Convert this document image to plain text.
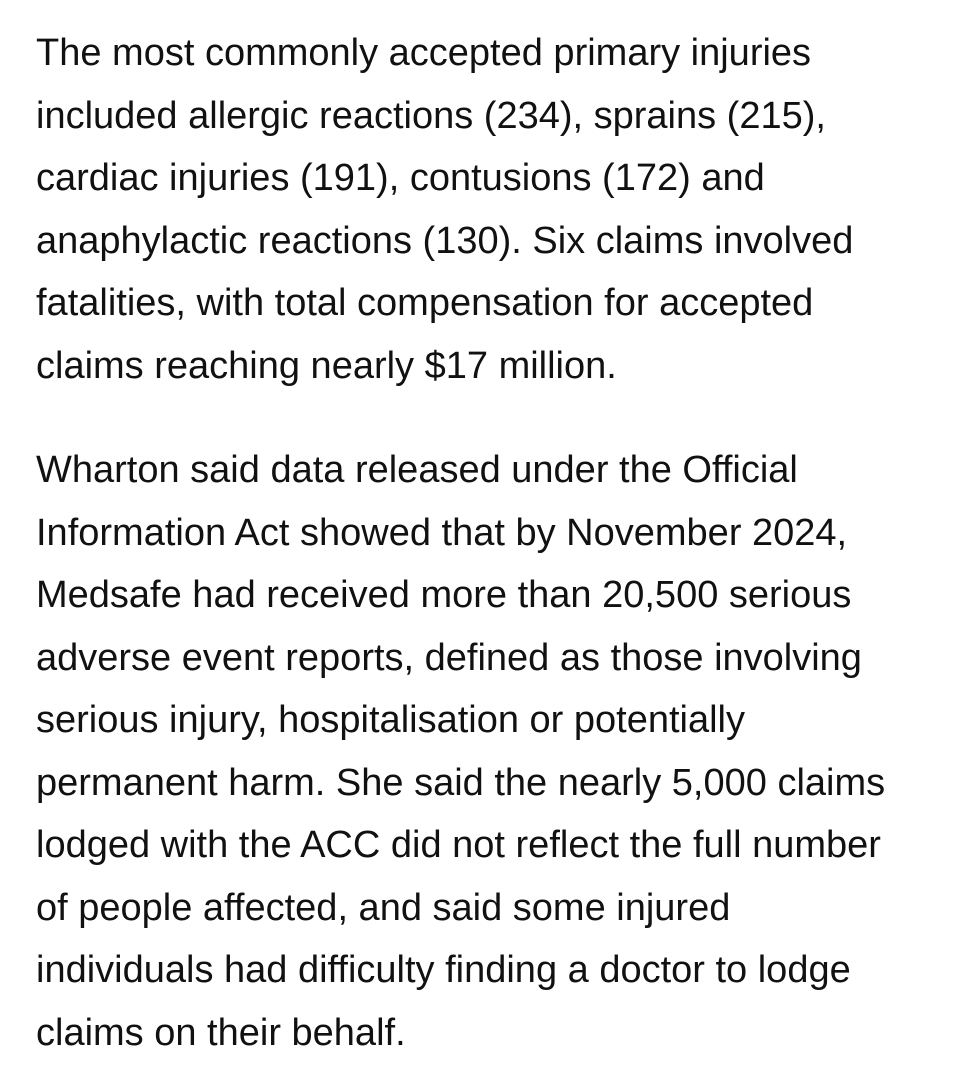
The most commonly accepted primary injuries
included allergic reactions (234), sprains (215),
cardiac injuries (191), contusions (172) and
anaphylactic reactions (130). Six claims involved
fatalities, with total compensation for accepted
claims reaching nearly $17 million.

Wharton said data released under the Official
Information Act showed that by November 2024,
Medsafe had received more than 20,500 serious
adverse event reports, defined as those involving
serious injury, hospitalisation or potentially
permanent harm. She said the nearly 5,000 claims
lodged with the ACC did not reflect the full number
of people affected, and said some injured
individuals had difficulty finding a doctor to lodge
claims on their behalf.
